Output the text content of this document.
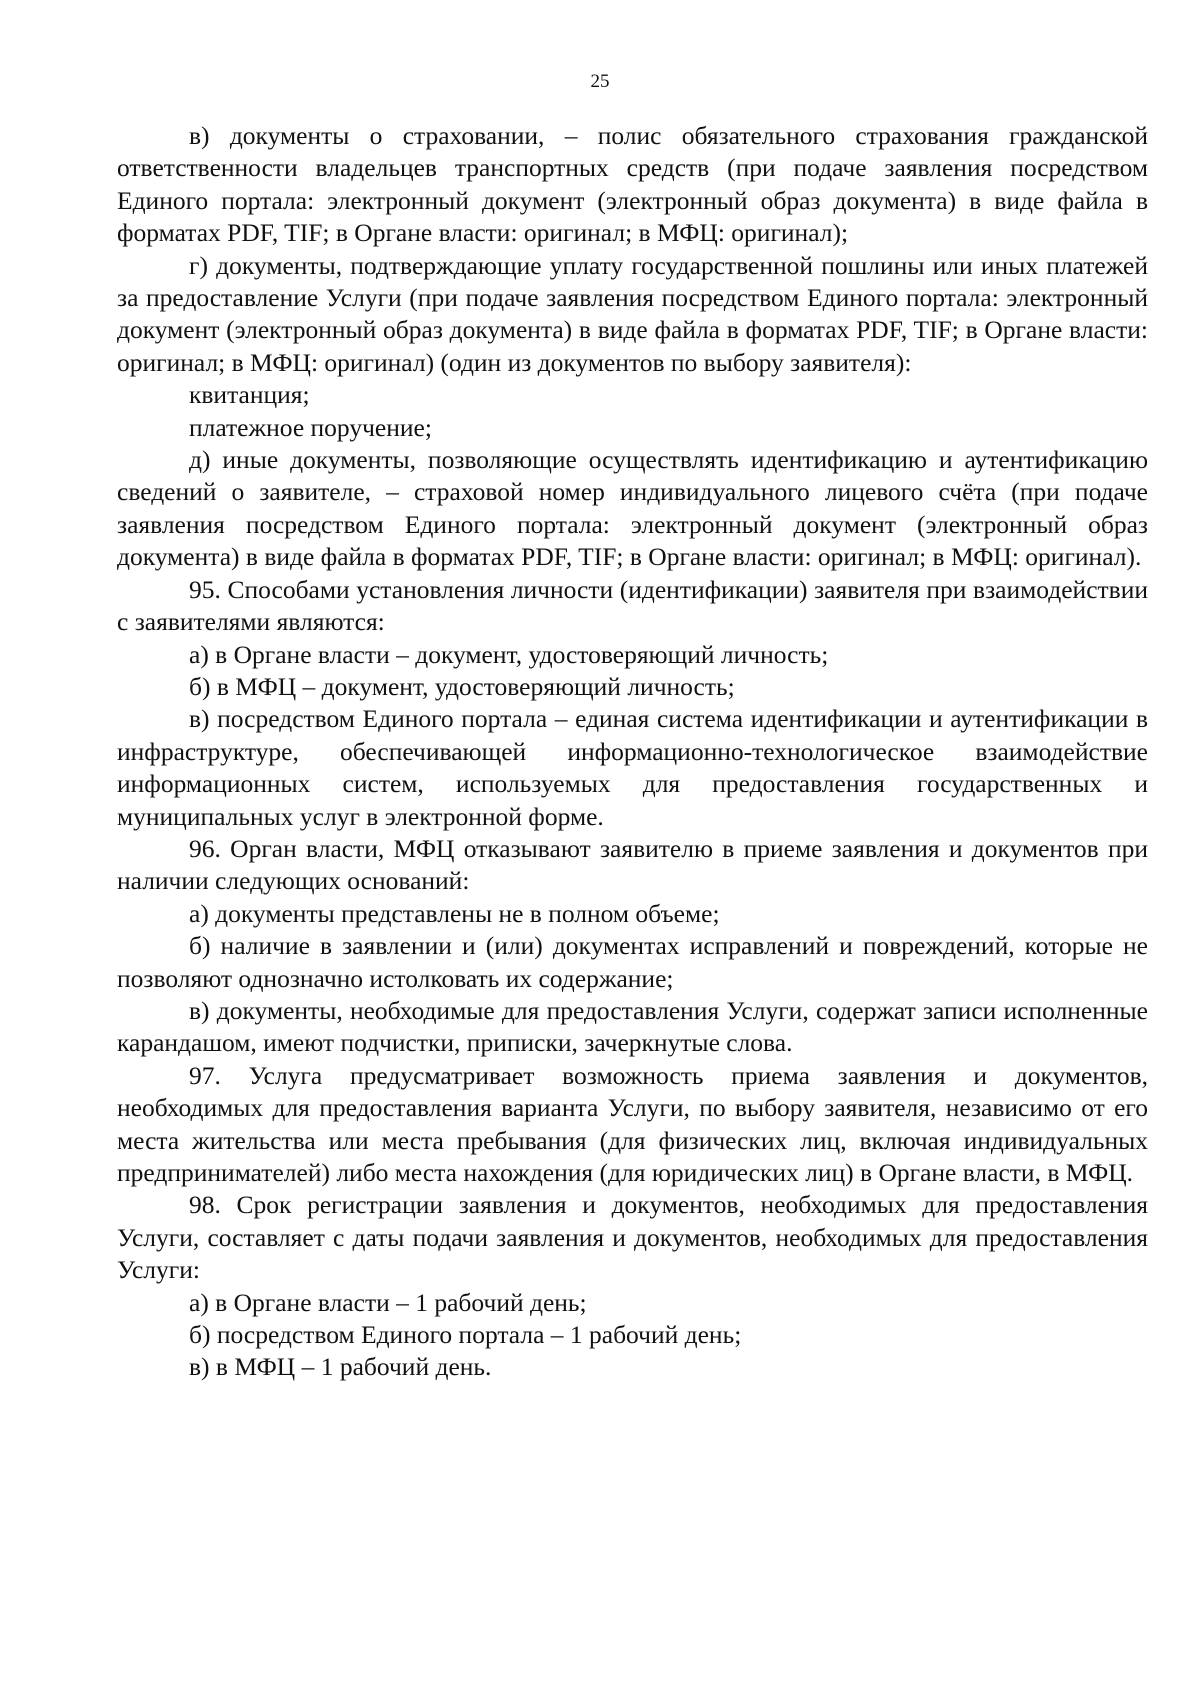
25

в) документы о страховании, – полис обязательного страхования гражданской ответственности владельцев транспортных средств (при подаче заявления посредством Единого портала: электронный документ (электронный образ документа) в виде файла в форматах PDF, TIF; в Органе власти: оригинал; в МФЦ: оригинал);

г) документы, подтверждающие уплату государственной пошлины или иных платежей за предоставление Услуги (при подаче заявления посредством Единого портала: электронный документ (электронный образ документа) в виде файла в форматах PDF, TIF; в Органе власти: оригинал; в МФЦ: оригинал) (один из документов по выбору заявителя):

квитанция;

платежное поручение;

д) иные документы, позволяющие осуществлять идентификацию и аутентификацию сведений о заявителе, – страховой номер индивидуального лицевого счёта (при подаче заявления посредством Единого портала: электронный документ (электронный образ документа) в виде файла в форматах PDF, TIF; в Органе власти: оригинал; в МФЦ: оригинал).

95. Способами установления личности (идентификации) заявителя при взаимодействии с заявителями являются:

а) в Органе власти – документ, удостоверяющий личность;

б) в МФЦ – документ, удостоверяющий личность;

в) посредством Единого портала – единая система идентификации и аутентификации в инфраструктуре, обеспечивающей информационно-технологическое взаимодействие информационных систем, используемых для предоставления государственных и муниципальных услуг в электронной форме.

96. Орган власти, МФЦ отказывают заявителю в приеме заявления и документов при наличии следующих оснований:

а) документы представлены не в полном объеме;

б) наличие в заявлении и (или) документах исправлений и повреждений, которые не позволяют однозначно истолковать их содержание;

в) документы, необходимые для предоставления Услуги, содержат записи исполненные карандашом, имеют подчистки, приписки, зачеркнутые слова.

97. Услуга предусматривает возможность приема заявления и документов, необходимых для предоставления варианта Услуги, по выбору заявителя, независимо от его места жительства или места пребывания (для физических лиц, включая индивидуальных предпринимателей) либо места нахождения (для юридических лиц) в Органе власти, в МФЦ.

98. Срок регистрации заявления и документов, необходимых для предоставления Услуги, составляет с даты подачи заявления и документов, необходимых для предоставления Услуги:

а) в Органе власти – 1 рабочий день;

б) посредством Единого портала – 1 рабочий день;

в) в МФЦ – 1 рабочий день.
